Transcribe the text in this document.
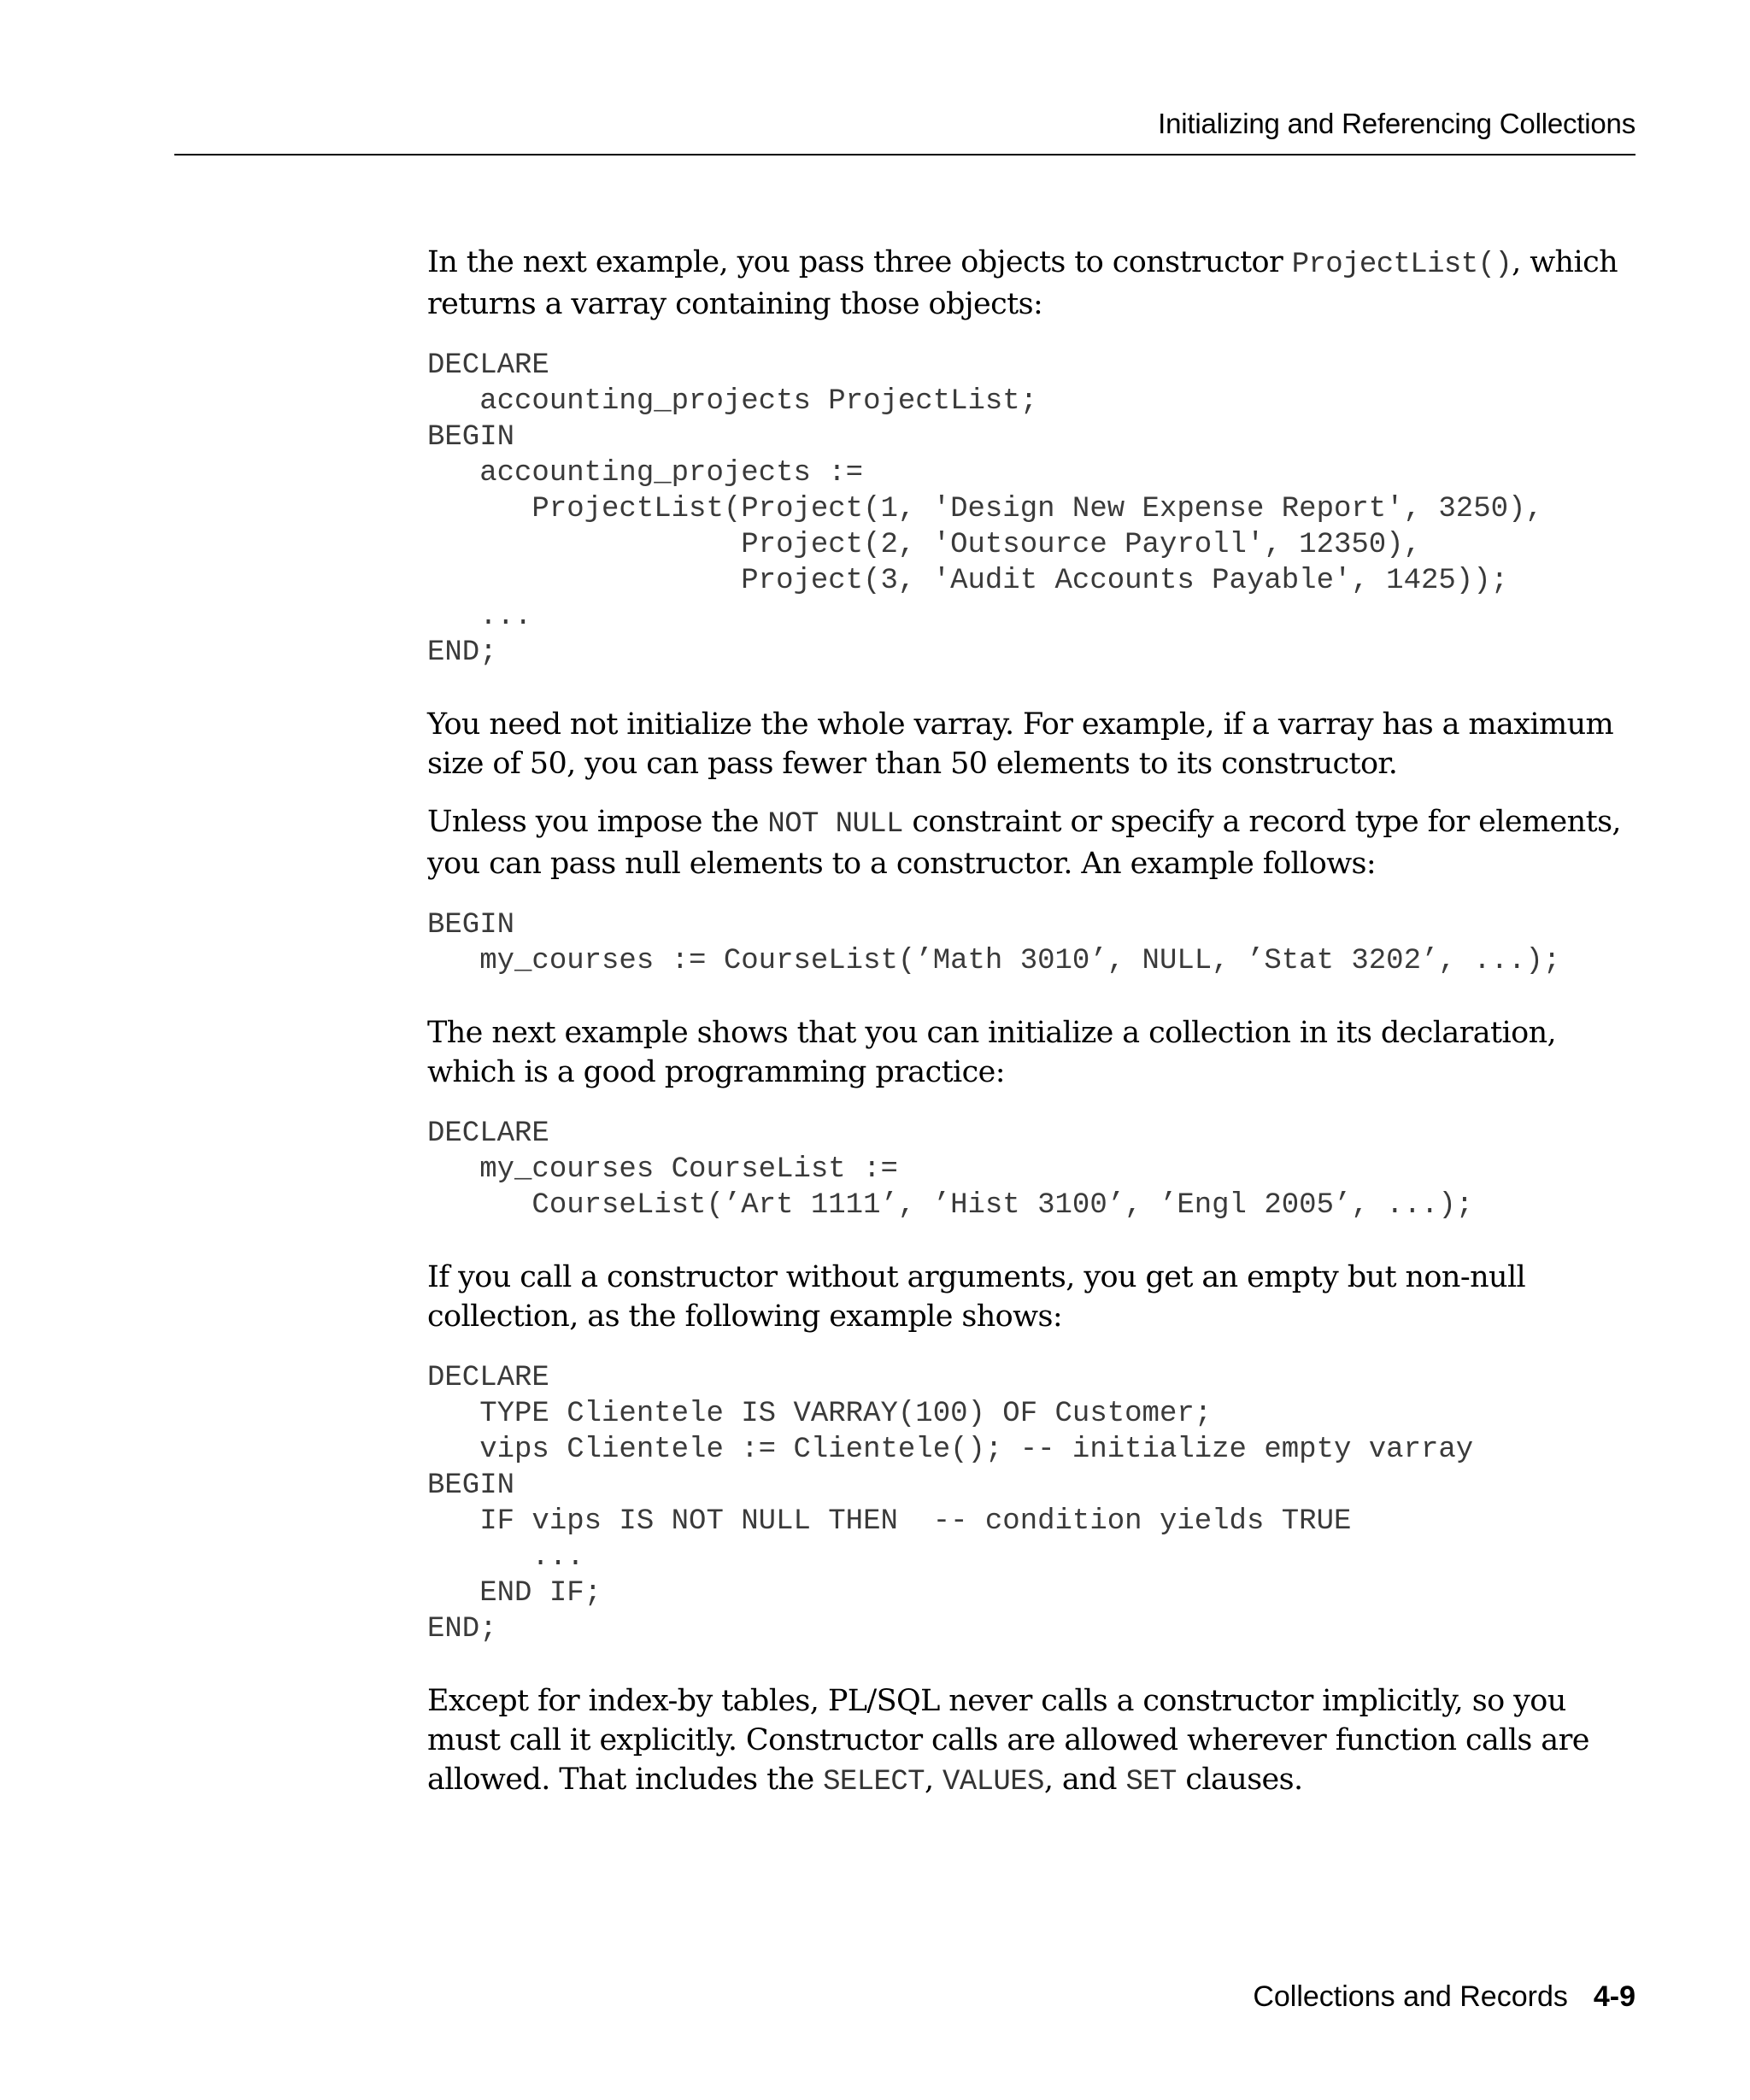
Initializing and Referencing Collections

In the next example, you pass three objects to constructor ProjectList(), which returns a varray containing those objects:

DECLARE
accounting_projects ProjectList;
BEGIN
accounting_projects :=
ProjectList(Project(1, 'Design New Expense Report', 3250),
Project(2, 'Outsource Payroll', 12350),
Project(3, 'Audit Accounts Payable', 1425));
...
END;

You need not initialize the whole varray. For example, if a varray has a maximum size of 50, you can pass fewer than 50 elements to its constructor.

Unless you impose the NOT NULL constraint or specify a record type for elements, you can pass null elements to a constructor. An example follows:

BEGIN
my_courses := CourseList(’Math 3010’, NULL, ’Stat 3202’, ...);

The next example shows that you can initialize a collection in its declaration, which is a good programming practice:

DECLARE
my_courses CourseList :=
CourseList(’Art 1111’, ’Hist 3100’, ’Engl 2005’, ...);

If you call a constructor without arguments, you get an empty but non-null collection, as the following example shows:

DECLARE
TYPE Clientele IS VARRAY(100) OF Customer;
vips Clientele := Clientele(); -- initialize empty varray
BEGIN
IF vips IS NOT NULL THEN  -- condition yields TRUE
...
END IF;
END;

Except for index-by tables, PL/SQL never calls a constructor implicitly, so you must call it explicitly. Constructor calls are allowed wherever function calls are allowed. That includes the SELECT, VALUES, and SET clauses.

Collections and Records 4-9
